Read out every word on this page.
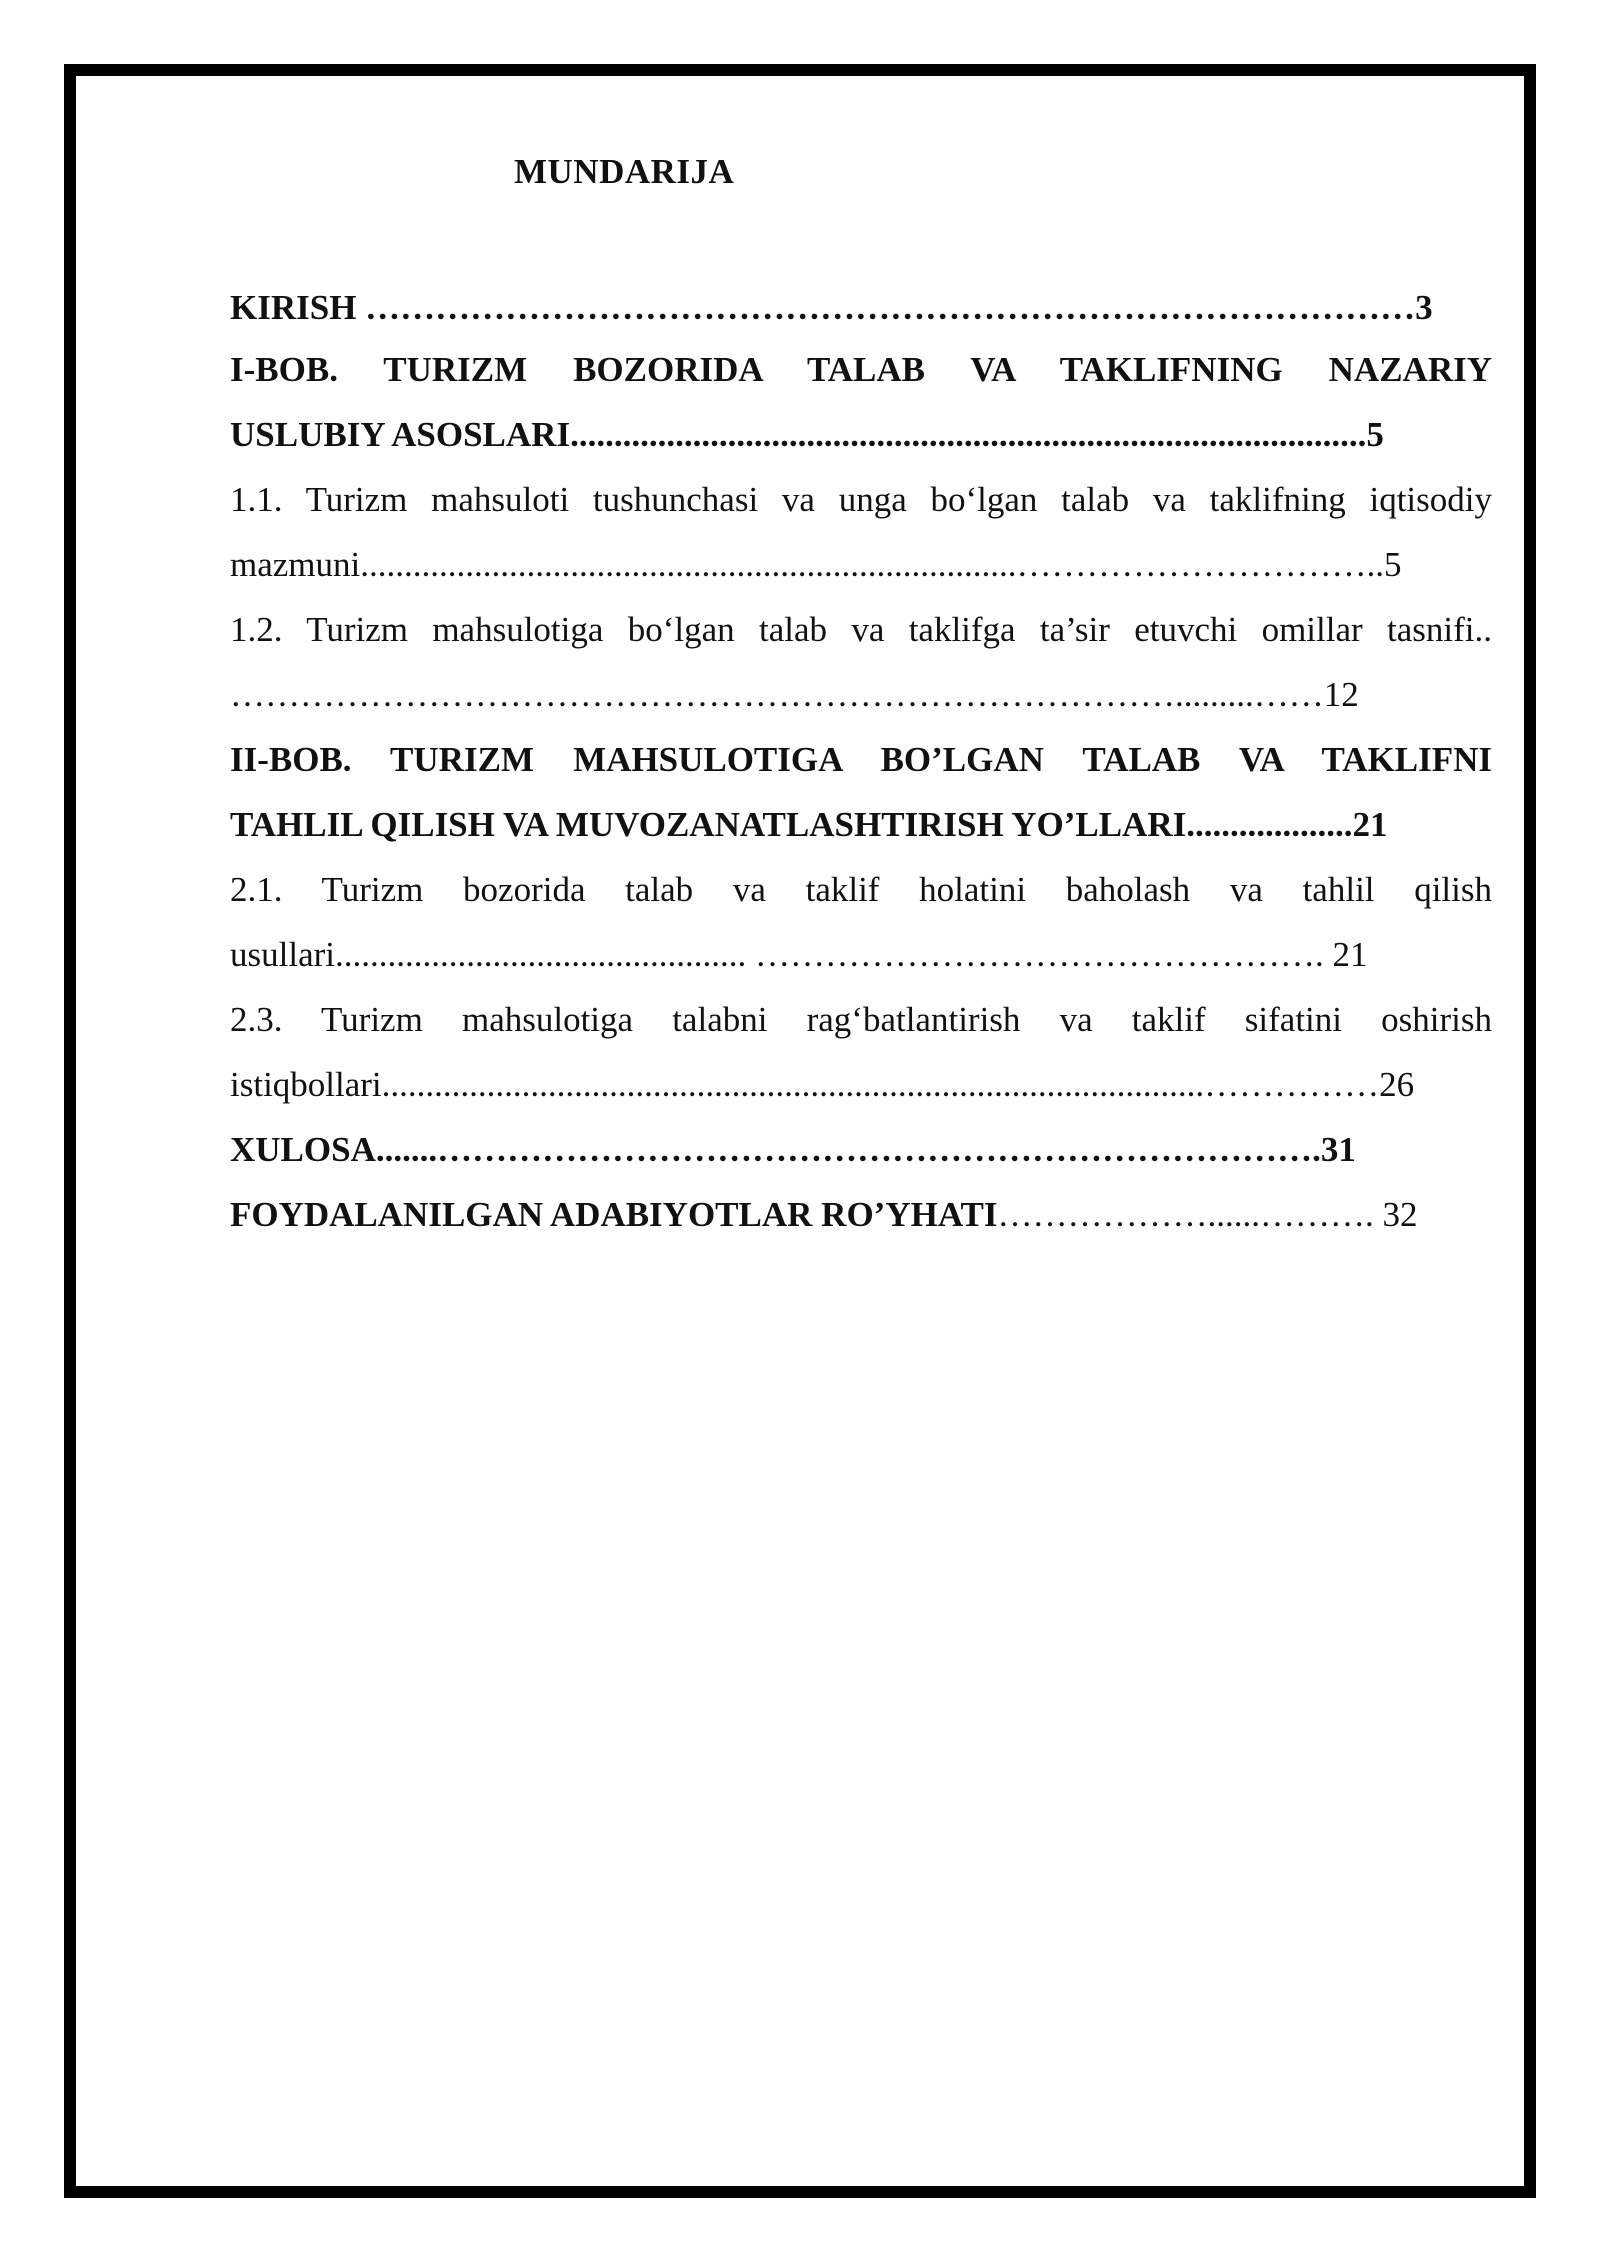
MUNDARIJA
KIRISH ………………………………………………………………………………3
I-BOB. TURIZM BOZORIDA TALAB VA TAKLIFNING NAZARIY
USLUBIY ASOSLARI...........................................................................................5
1.1. Turizm mahsuloti tushunchasi va unga bo‘lgan talab va taklifning iqtisodiy
mazmuni...........................................................................…………………………..5
1.2. Turizm mahsulotiga bo‘lgan talab va taklifga ta’sir etuvchi omillar tasnifi..
……………………………………………………………………….........……12
II-BOB. TURIZM MAHSULOTIGA BO’LGAN TALAB VA TAKLIFNI
TAHLIL QILISH VA MUVOZANATLASHTIRISH YO’LLARI...................21
2.1. Turizm bozorida talab va taklif holatini baholash va tahlil qilish
usullari............................................... …………………………………………. 21
2.3. Turizm mahsulotiga talabni rag‘batlantirish va taklif sifatini oshirish
istiqbollari..............................................................................................……………26
XULOSA.......………………………………………………………………….31
FOYDALANILGAN ADABIYOTLAR RO’YHATI………………......………. 32
